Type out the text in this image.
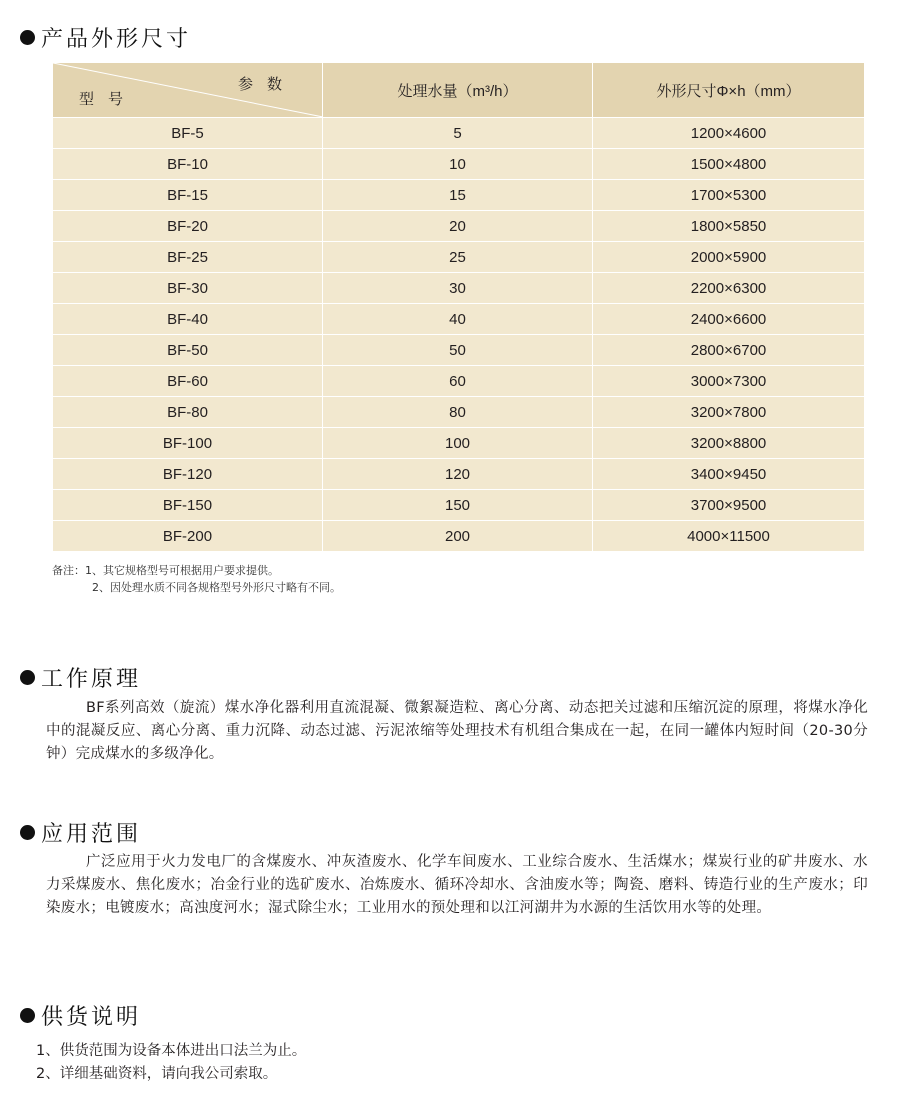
产品外形尺寸
参数
型号	处理水量（m³/h）	外形尺寸Φ×h（mm）
BF-5	5	1200×4600
BF-10	10	1500×4800
BF-15	15	1700×5300
BF-20	20	1800×5850
BF-25	25	2000×5900
BF-30	30	2200×6300
BF-40	40	2400×6600
BF-50	50	2800×6700
BF-60	60	3000×7300
BF-80	80	3200×7800
BF-100	100	3200×8800
BF-120	120	3400×9450
BF-150	150	3700×9500
BF-200	200	4000×11500
备注：1、其它规格型号可根据用户要求提供。
2、因处理水质不同各规格型号外形尺寸略有不同。
工作原理
BF系列高效（旋流）煤水净化器利用直流混凝、微絮凝造粒、离心分离、动态把关过滤和压缩沉淀的原理，将煤水净化中的混凝反应、离心分离、重力沉降、动态过滤、污泥浓缩等处理技术有机组合集成在一起，在同一罐体内短时间（20-30分钟）完成煤水的多级净化。
应用范围
广泛应用于火力发电厂的含煤废水、冲灰渣废水、化学车间废水、工业综合废水、生活煤水；煤炭行业的矿井废水、水力采煤废水、焦化废水；冶金行业的选矿废水、冶炼废水、循环冷却水、含油废水等；陶瓷、磨料、铸造行业的生产废水；印染废水；电镀废水；高浊度河水；湿式除尘水；工业用水的预处理和以江河湖井为水源的生活饮用水等的处理。
供货说明
1、供货范围为设备本体进出口法兰为止。
2、详细基础资料，请向我公司索取。
